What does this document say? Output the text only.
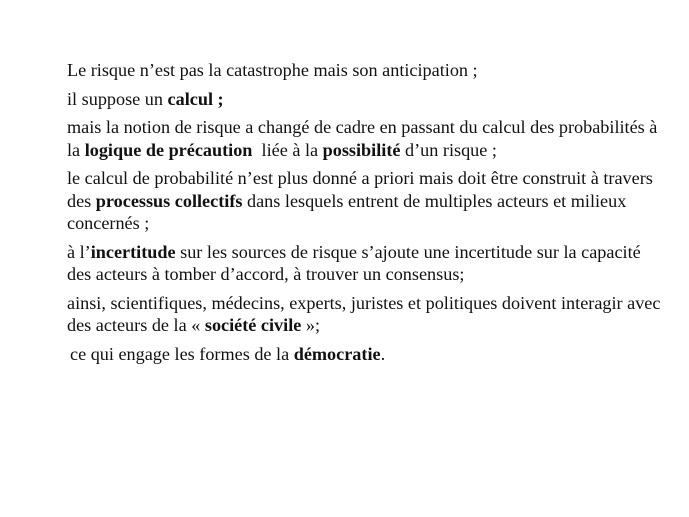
Le risque n’est pas la catastrophe mais son anticipation ;

il suppose un calcul ;

mais la notion de risque a changé de cadre en passant du calcul des probabilités à la logique de précaution  liée à la possibilité d’un risque ;

le calcul de probabilité n’est plus donné a priori mais doit être construit à travers des processus collectifs dans lesquels entrent de multiples acteurs et milieux concernés ;

à l’incertitude sur les sources de risque s’ajoute une incertitude sur la capacité des acteurs à tomber d’accord, à trouver un consensus;

ainsi, scientifiques, médecins, experts, juristes et politiques doivent interagir avec des acteurs de la « société civile »;

ce qui engage les formes de la démocratie.
